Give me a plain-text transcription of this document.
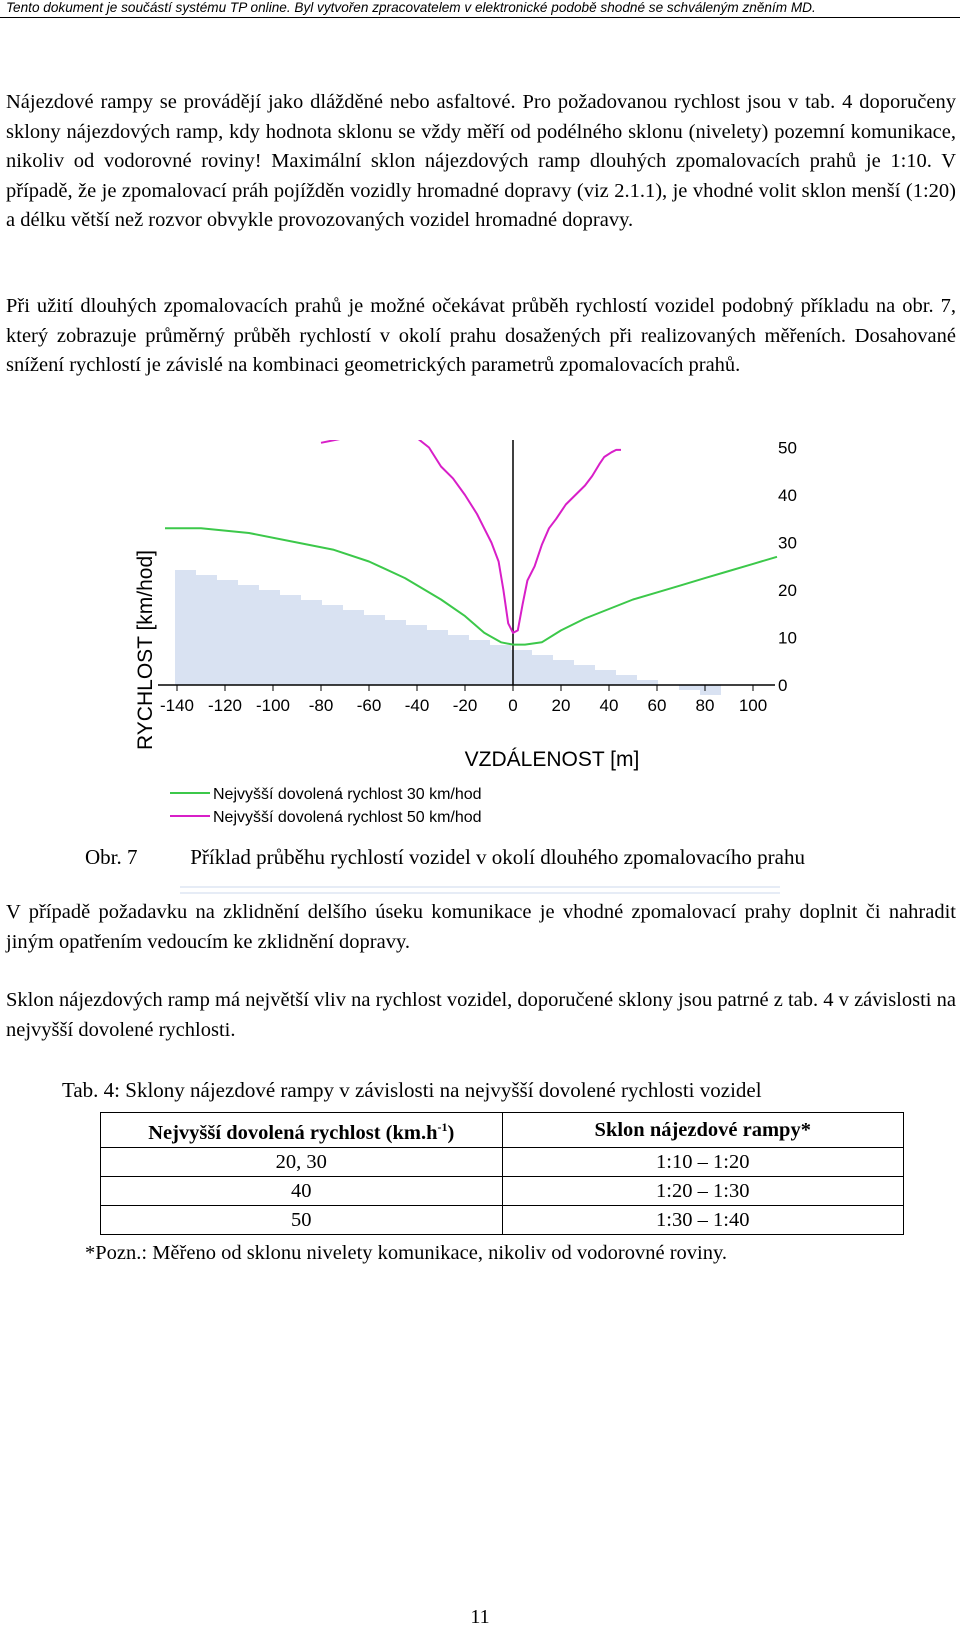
Tento dokument je součástí systému TP online. Byl vytvořen zpracovatelem v elektronické podobě shodné se schváleným zněním MD.

Nájezdové rampy se provádějí jako dlážděné nebo asfaltové. Pro požadovanou rychlost jsou v tab. 4 doporučeny sklony nájezdových ramp, kdy hodnota sklonu se vždy měří od podélného sklonu (nivelety) pozemní komunikace, nikoliv od vodorovné roviny! Maximální sklon nájezdových ramp dlouhých zpomalovacích prahů je 1:10. V případě, že je zpomalovací práh pojížděn vozidly hromadné dopravy (viz 2.1.1), je vhodné volit sklon menší (1:20) a délku větší než rozvor obvykle provozovaných vozidel hromadné dopravy.

Při užití dlouhých zpomalovacích prahů je možné očekávat průběh rychlostí vozidel podobný příkladu na obr. 7, který zobrazuje průměrný průběh rychlostí v okolí prahu dosažených při realizovaných měřeních. Dosahované snížení rychlostí je závislé na kombinaci geometrických parametrů zpomalovacích prahů.

-140 -120 -100 -80 -60 -40 -20 0 20 40 60 80 100
0
10
20
30
40
50
RYCHLOST [km/hod]
VZDÁLENOST [m]
Nejvyšší dovolená rychlost 30 km/hod
Nejvyšší dovolená rychlost 50 km/hod
Obr. 7	Příklad průběhu rychlostí vozidel v okolí dlouhého zpomalovacího prahu

V případě požadavku na zklidnění delšího úseku komunikace je vhodné zpomalovací prahy doplnit či nahradit jiným opatřením vedoucím ke zklidnění dopravy.

Sklon nájezdových ramp má největší vliv na rychlost vozidel, doporučené sklony jsou patrné z tab. 4 v závislosti na nejvyšší dovolené rychlosti.

Tab. 4: Sklony nájezdové rampy v závislosti na nejvyšší dovolené rychlosti vozidel
Nejvyšší dovolená rychlost $(km.h^{-1})$	Sklon nájezdové rampy*
20, 30	1:10 – 1:20
40	1:20 – 1:30
50	1:30 – 1:40
*Pozn.: Měřeno od sklonu nivelety komunikace, nikoliv od vodorovné roviny.
11
